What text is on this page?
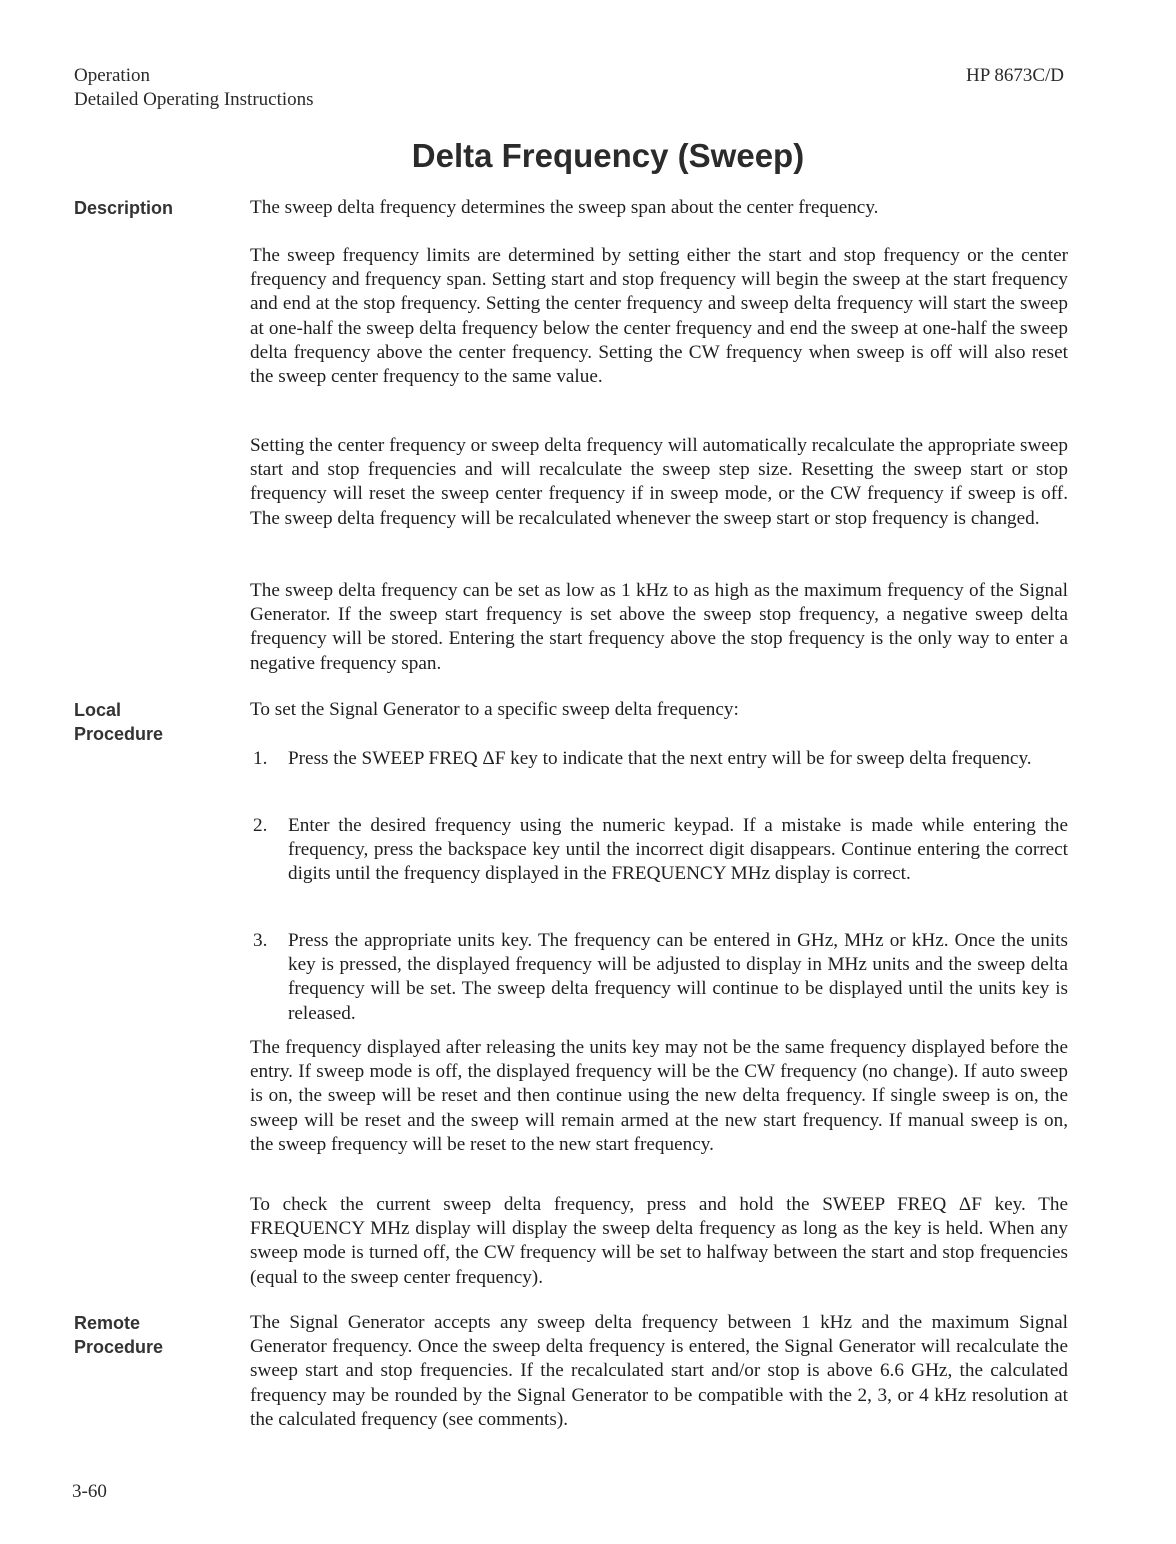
Operation
Detailed Operating Instructions
HP 8673C/D
Delta Frequency (Sweep)
Description	The sweep delta frequency determines the sweep span about the center frequency.

The sweep frequency limits are determined by setting either the start and stop frequency or the center frequency and frequency span. Setting start and stop frequency will begin the sweep at the start frequency and end at the stop frequency. Setting the center frequency and sweep delta frequency will start the sweep at one-half the sweep delta frequency below the center frequency and end the sweep at one-half the sweep delta frequency above the center frequency. Setting the CW frequency when sweep is off will also reset the sweep center frequency to the same value.

Setting the center frequency or sweep delta frequency will automatically recalculate the appropriate sweep start and stop frequencies and will recalculate the sweep step size. Resetting the sweep start or stop frequency will reset the sweep center frequency if in sweep mode, or the CW frequency if sweep is off. The sweep delta frequency will be recalculated whenever the sweep start or stop frequency is changed.

The sweep delta frequency can be set as low as 1 kHz to as high as the maximum frequency of the Signal Generator. If the sweep start frequency is set above the sweep stop frequency, a negative sweep delta frequency will be stored. Entering the start frequency above the stop frequency is the only way to enter a negative frequency span.

Local
Procedure

To set the Signal Generator to a specific sweep delta frequency:

1. Press the SWEEP FREQ ΔF key to indicate that the next entry will be for sweep delta frequency.
2. Enter the desired frequency using the numeric keypad. If a mistake is made while entering the frequency, press the backspace key until the incorrect digit disappears. Continue entering the correct digits until the frequency displayed in the FREQUENCY MHz display is correct.
3. Press the appropriate units key. The frequency can be entered in GHz, MHz or kHz. Once the units key is pressed, the displayed frequency will be adjusted to display in MHz units and the sweep delta frequency will be set. The sweep delta frequency will continue to be displayed until the units key is released.

The frequency displayed after releasing the units key may not be the same frequency displayed before the entry. If sweep mode is off, the displayed frequency will be the CW frequency (no change). If auto sweep is on, the sweep will be reset and then continue using the new delta frequency. If single sweep is on, the sweep will be reset and the sweep will remain armed at the new start frequency. If manual sweep is on, the sweep frequency will be reset to the new start frequency.

To check the current sweep delta frequency, press and hold the SWEEP FREQ ΔF key. The FREQUENCY MHz display will display the sweep delta frequency as long as the key is held. When any sweep mode is turned off, the CW frequency will be set to halfway between the start and stop frequencies (equal to the sweep center frequency).

Remote
Procedure

The Signal Generator accepts any sweep delta frequency between 1 kHz and the maximum Signal Generator frequency. Once the sweep delta frequency is entered, the Signal Generator will recalculate the sweep start and stop frequencies. If the recalculated start and/or stop is above 6.6 GHz, the calculated frequency may be rounded by the Signal Generator to be compatible with the 2, 3, or 4 kHz resolution at the calculated frequency (see comments).

3-60
